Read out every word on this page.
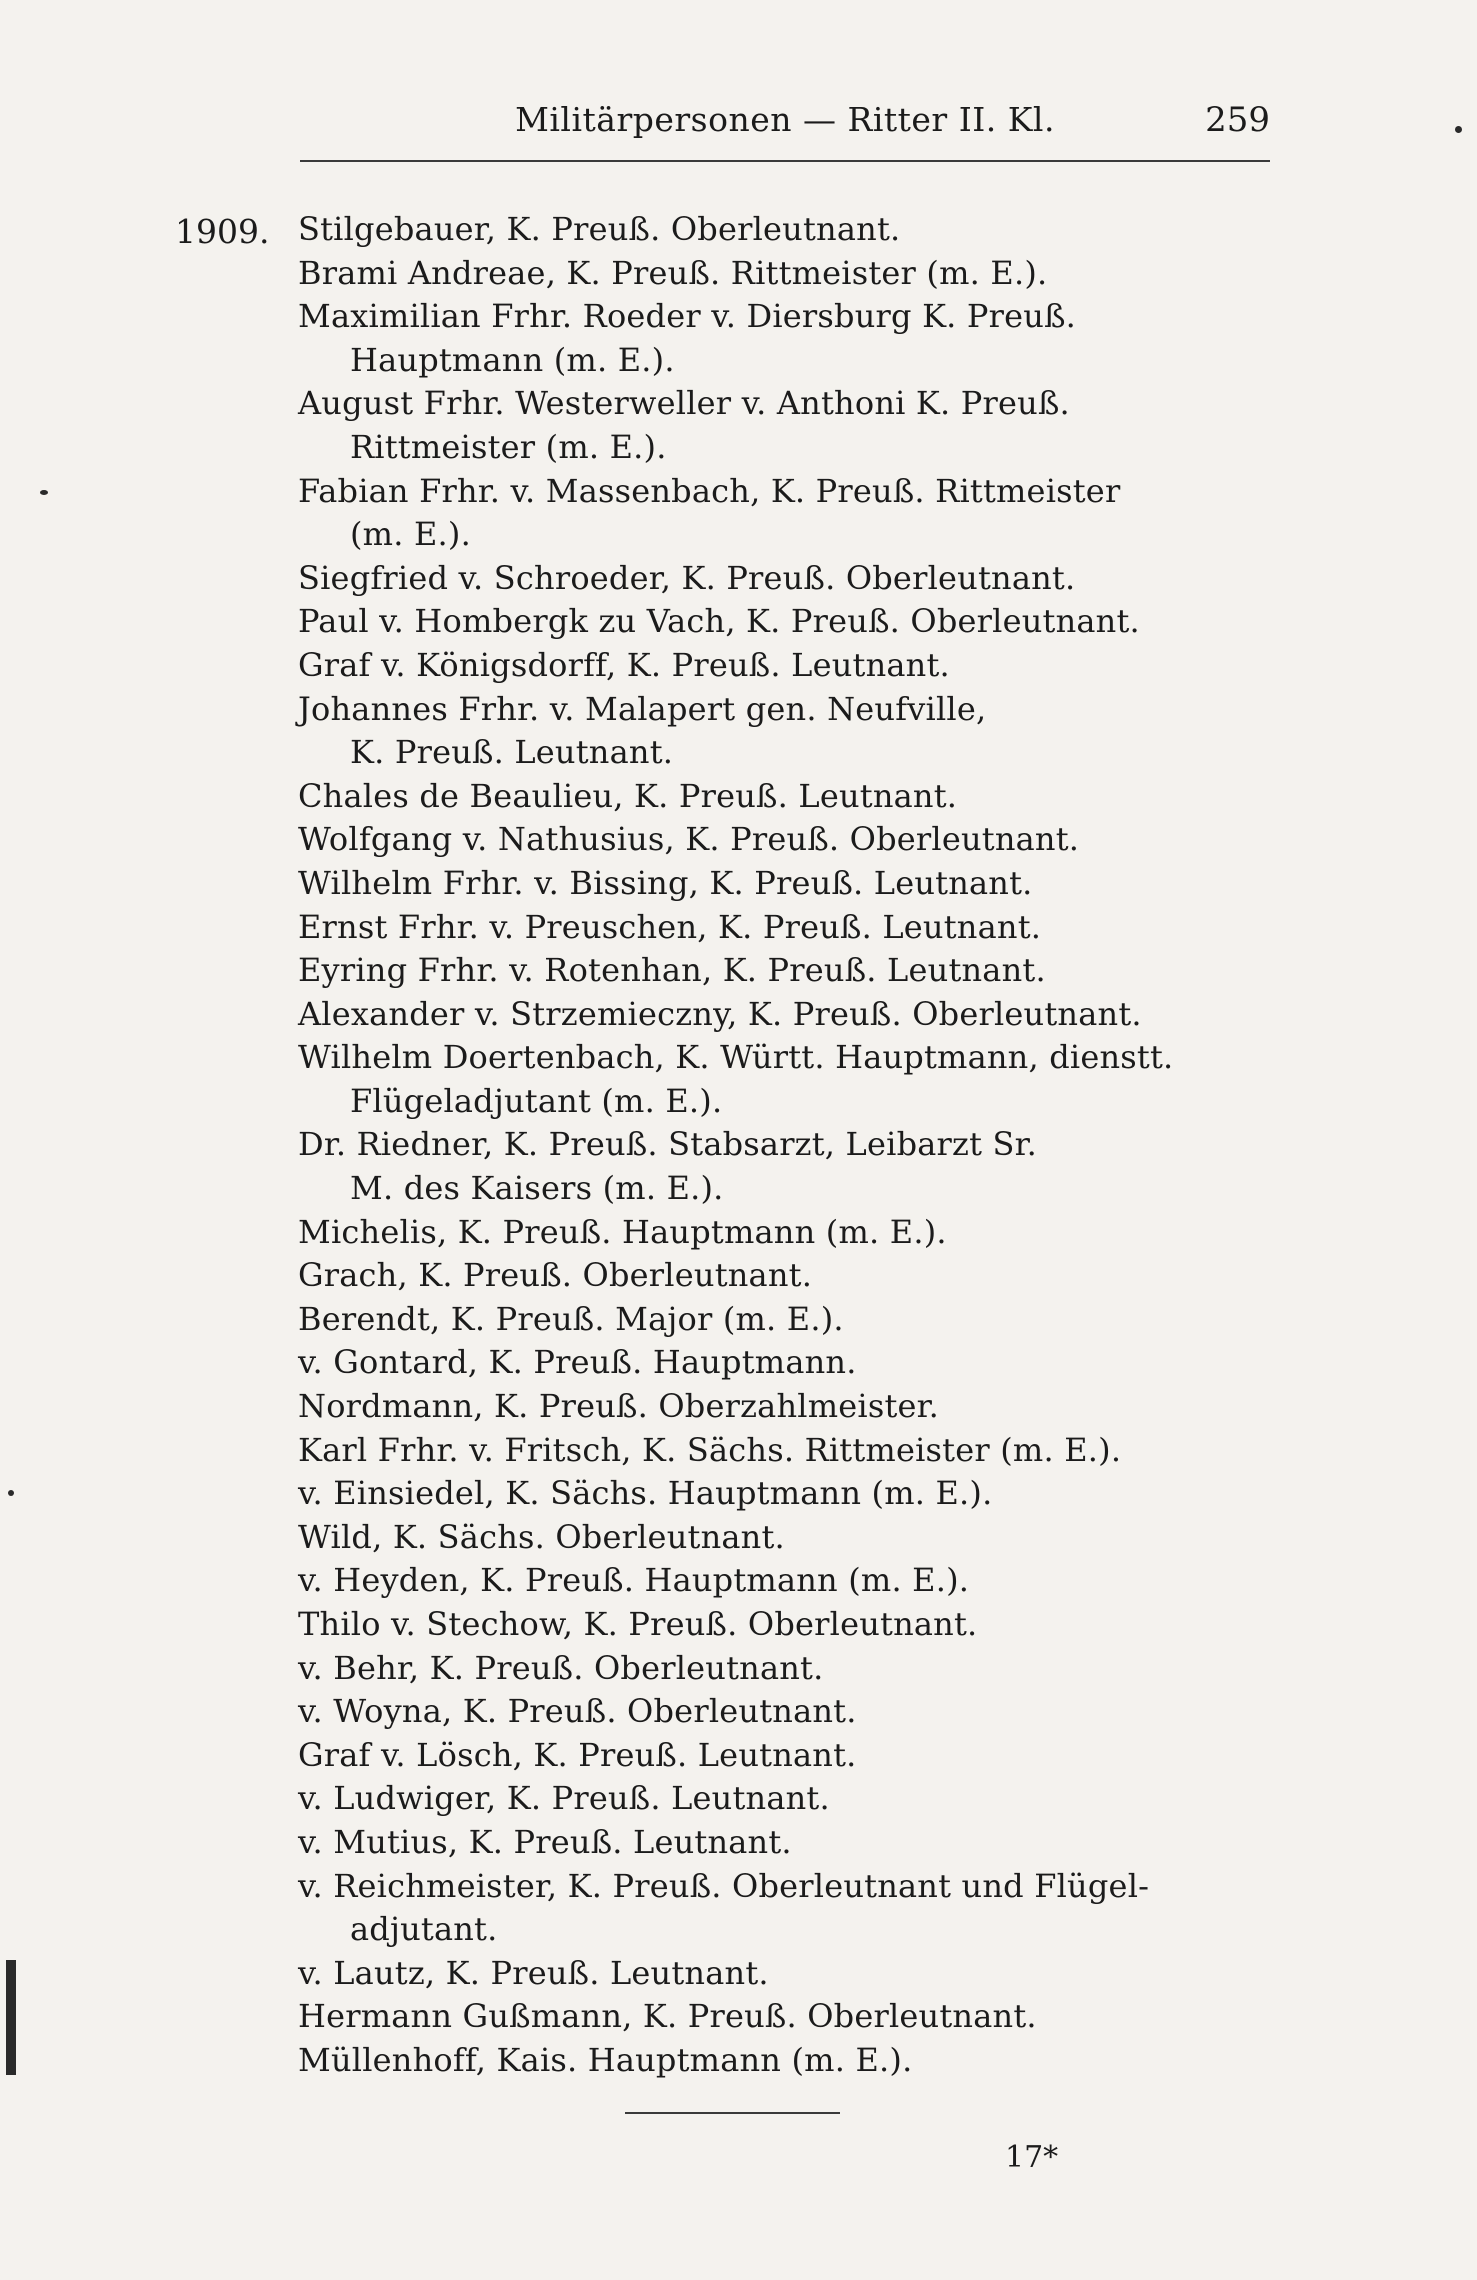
Militärpersonen — Ritter II. Kl.	259
1909. Stilgebauer, K. Preuß. Oberleutnant.
Brami Andreae, K. Preuß. Rittmeister (m. E.).
Maximilian Frhr. Roeder v. Diersburg K. Preuß.
Hauptmann (m. E.).
August Frhr. Westerweller v. Anthoni K. Preuß.
Rittmeister (m. E.).
Fabian Frhr. v. Massenbach, K. Preuß. Rittmeister
(m. E.).
Siegfried v. Schroeder, K. Preuß. Oberleutnant.
Paul v. Hombergk zu Vach, K. Preuß. Oberleutnant.
Graf v. Königsdorff, K. Preuß. Leutnant.
Johannes Frhr. v. Malapert gen. Neufville,
K. Preuß. Leutnant.
Chales de Beaulieu, K. Preuß. Leutnant.
Wolfgang v. Nathusius, K. Preuß. Oberleutnant.
Wilhelm Frhr. v. Bissing, K. Preuß. Leutnant.
Ernst Frhr. v. Preuschen, K. Preuß. Leutnant.
Eyring Frhr. v. Rotenhan, K. Preuß. Leutnant.
Alexander v. Strzemieczny, K. Preuß. Oberleutnant.
Wilhelm Doertenbach, K. Württ. Hauptmann, dienstt.
Flügeladjutant (m. E.).
Dr. Riedner, K. Preuß. Stabsarzt, Leibarzt Sr.
M. des Kaisers (m. E.).
Michelis, K. Preuß. Hauptmann (m. E.).
Grach, K. Preuß. Oberleutnant.
Berendt, K. Preuß. Major (m. E.).
v. Gontard, K. Preuß. Hauptmann.
Nordmann, K. Preuß. Oberzahlmeister.
Karl Frhr. v. Fritsch, K. Sächs. Rittmeister (m. E.).
v. Einsiedel, K. Sächs. Hauptmann (m. E.).
Wild, K. Sächs. Oberleutnant.
v. Heyden, K. Preuß. Hauptmann (m. E.).
Thilo v. Stechow, K. Preuß. Oberleutnant.
v. Behr, K. Preuß. Oberleutnant.
v. Woyna, K. Preuß. Oberleutnant.
Graf v. Lösch, K. Preuß. Leutnant.
v. Ludwiger, K. Preuß. Leutnant.
v. Mutius, K. Preuß. Leutnant.
v. Reichmeister, K. Preuß. Oberleutnant und Flügel-
adjutant.
v. Lautz, K. Preuß. Leutnant.
Hermann Gußmann, K. Preuß. Oberleutnant.
Müllenhoff, Kais. Hauptmann (m. E.).
17*
